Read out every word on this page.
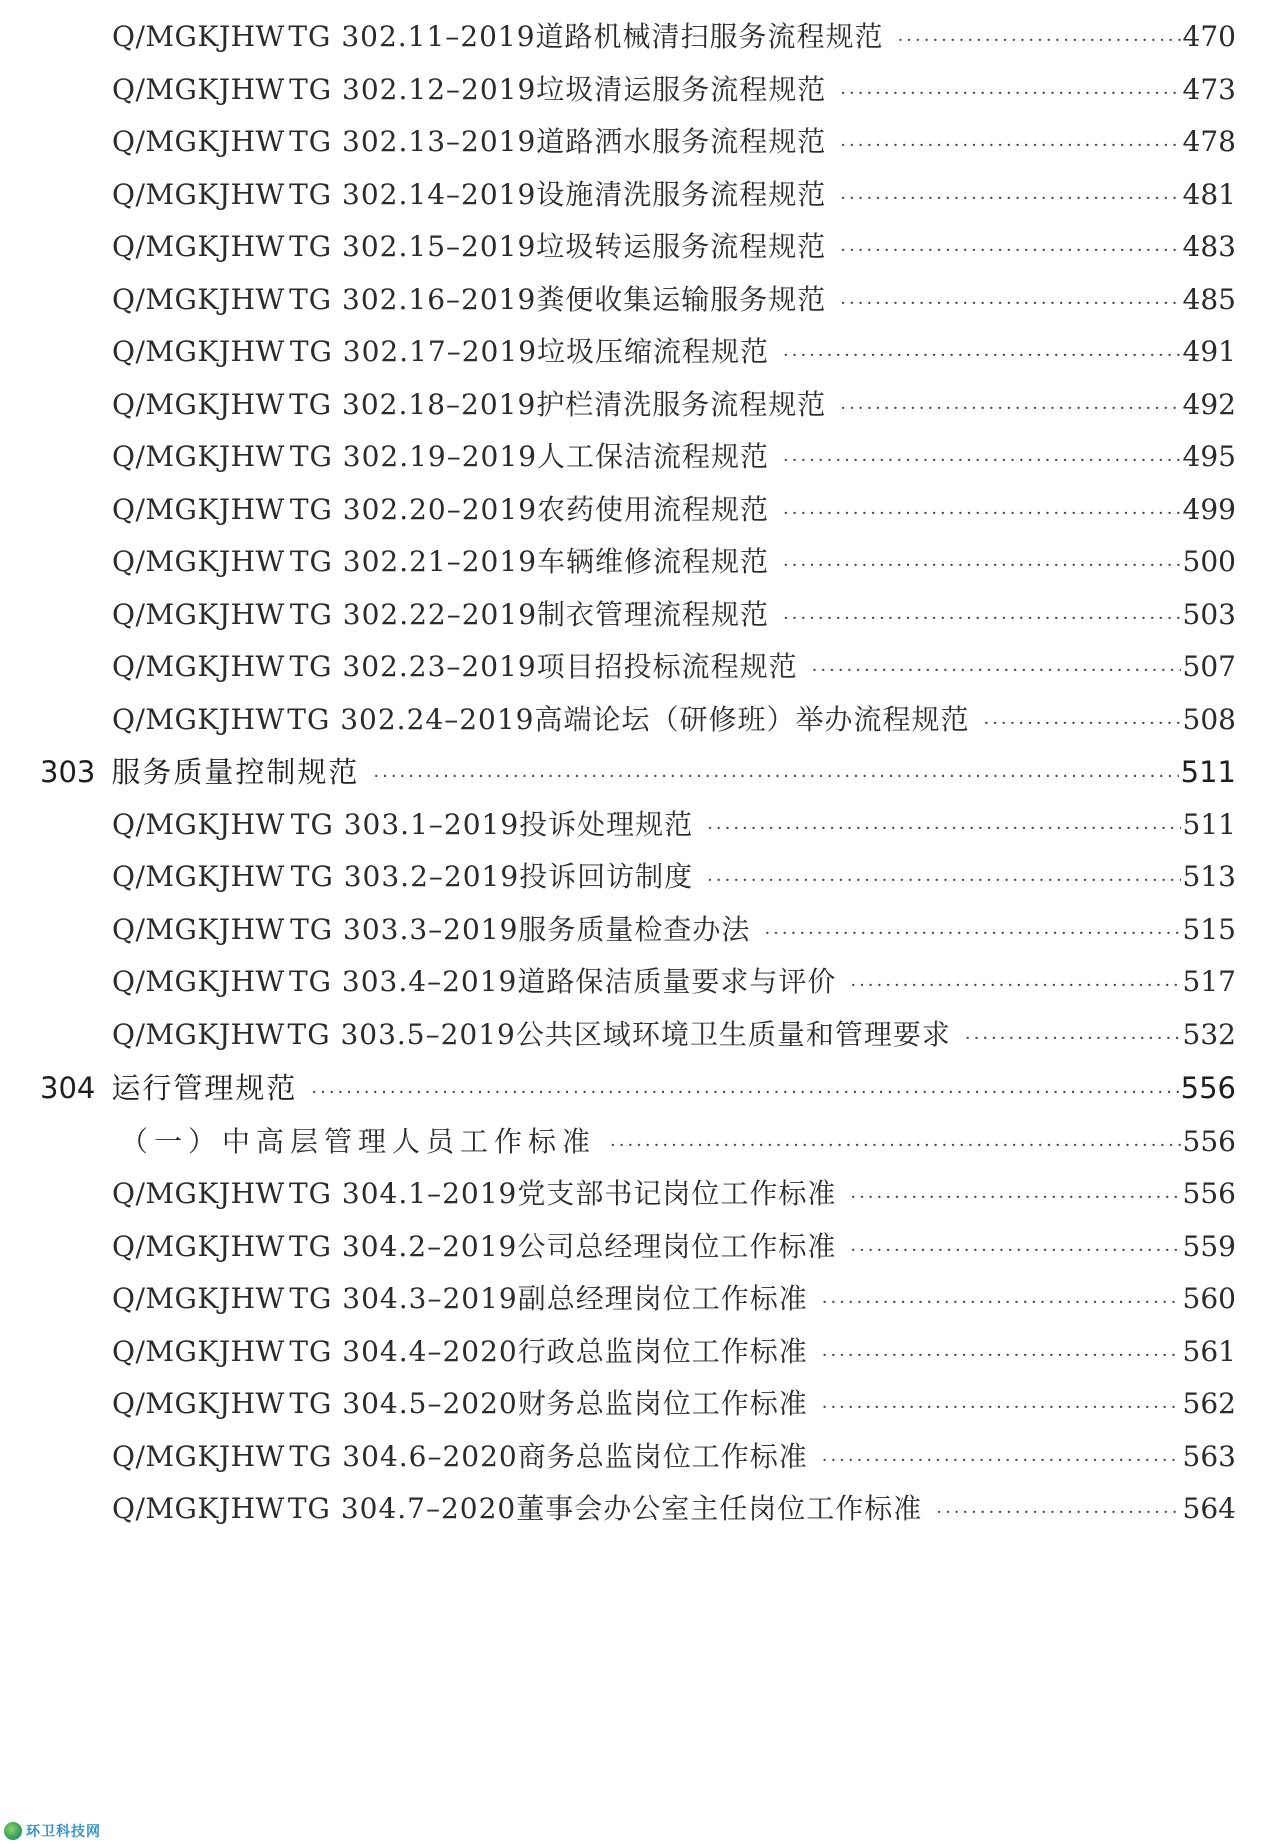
Q/MGKJHW TG 302.11–2019道路机械清扫服务流程规范 ·····	470
Q/MGKJHW TG 302.12–2019垃圾清运服务流程规范 ·····	473
Q/MGKJHW TG 302.13–2019道路洒水服务流程规范 ·····	478
Q/MGKJHW TG 302.14–2019设施清洗服务流程规范 ·····	481
Q/MGKJHW TG 302.15–2019垃圾转运服务流程规范 ·····	483
Q/MGKJHW TG 302.16–2019粪便收集运输服务规范 ·····	485
Q/MGKJHW TG 302.17–2019垃圾压缩流程规范 ·····	491
Q/MGKJHW TG 302.18–2019护栏清洗服务流程规范 ·····	492
Q/MGKJHW TG 302.19–2019人工保洁流程规范 ·····	495
Q/MGKJHW TG 302.20–2019农药使用流程规范 ·····	499
Q/MGKJHW TG 302.21–2019车辆维修流程规范 ·····	500
Q/MGKJHW TG 302.22–2019制衣管理流程规范 ·····	503
Q/MGKJHW TG 302.23–2019项目招投标流程规范 ·····	507
Q/MGKJHW TG 302.24–2019高端论坛（研修班）举办流程规范 ·····	508
303 服务质量控制规范 ·····	511
Q/MGKJHW TG 303.1–2019投诉处理规范 ·····	511
Q/MGKJHW TG 303.2–2019投诉回访制度 ·····	513
Q/MGKJHW TG 303.3–2019服务质量检查办法 ·····	515
Q/MGKJHW TG 303.4–2019道路保洁质量要求与评价 ·····	517
Q/MGKJHW TG 303.5–2019公共区域环境卫生质量和管理要求 ·····	532
304 运行管理规范 ·····	556
（一）中高层管理人员工作标准 ·····	556
Q/MGKJHW TG 304.1–2019党支部书记岗位工作标准 ·····	556
Q/MGKJHW TG 304.2–2019公司总经理岗位工作标准 ·····	559
Q/MGKJHW TG 304.3–2019副总经理岗位工作标准 ·····	560
Q/MGKJHW TG 304.4–2020行政总监岗位工作标准 ·····	561
Q/MGKJHW TG 304.5–2020财务总监岗位工作标准 ·····	562
Q/MGKJHW TG 304.6–2020商务总监岗位工作标准 ·····	563
Q/MGKJHW TG 304.7–2020董事会办公室主任岗位工作标准 ·····	564
环卫科技网
